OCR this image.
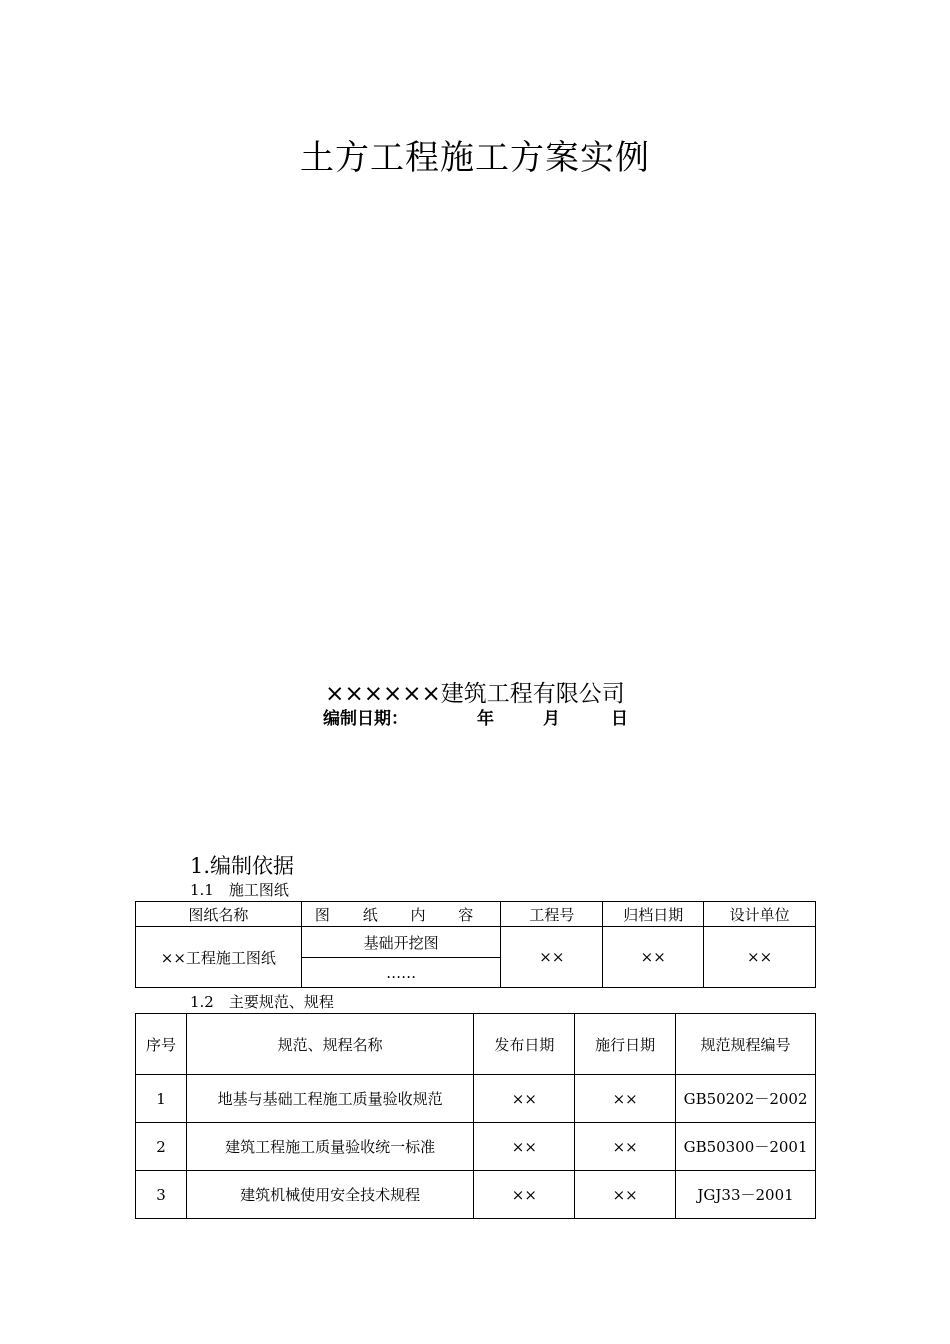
土方工程施工方案实例
××××××建筑工程有限公司
编制日期：	年	月	日
1.编制依据
1.1　施工图纸
图纸名称	图 纸 内 容	工程号	归档日期	设计单位
××工程施工图纸	基础开挖图	××	××	××
	……			
1.2　主要规范、规程
序号	规范、规程名称	发布日期	施行日期	规范规程编号
1	地基与基础工程施工质量验收规范	××	××	GB50202－2002
2	建筑工程施工质量验收统一标准	××	××	GB50300－2001
3	建筑机械使用安全技术规程	××	××	JGJ33－2001
